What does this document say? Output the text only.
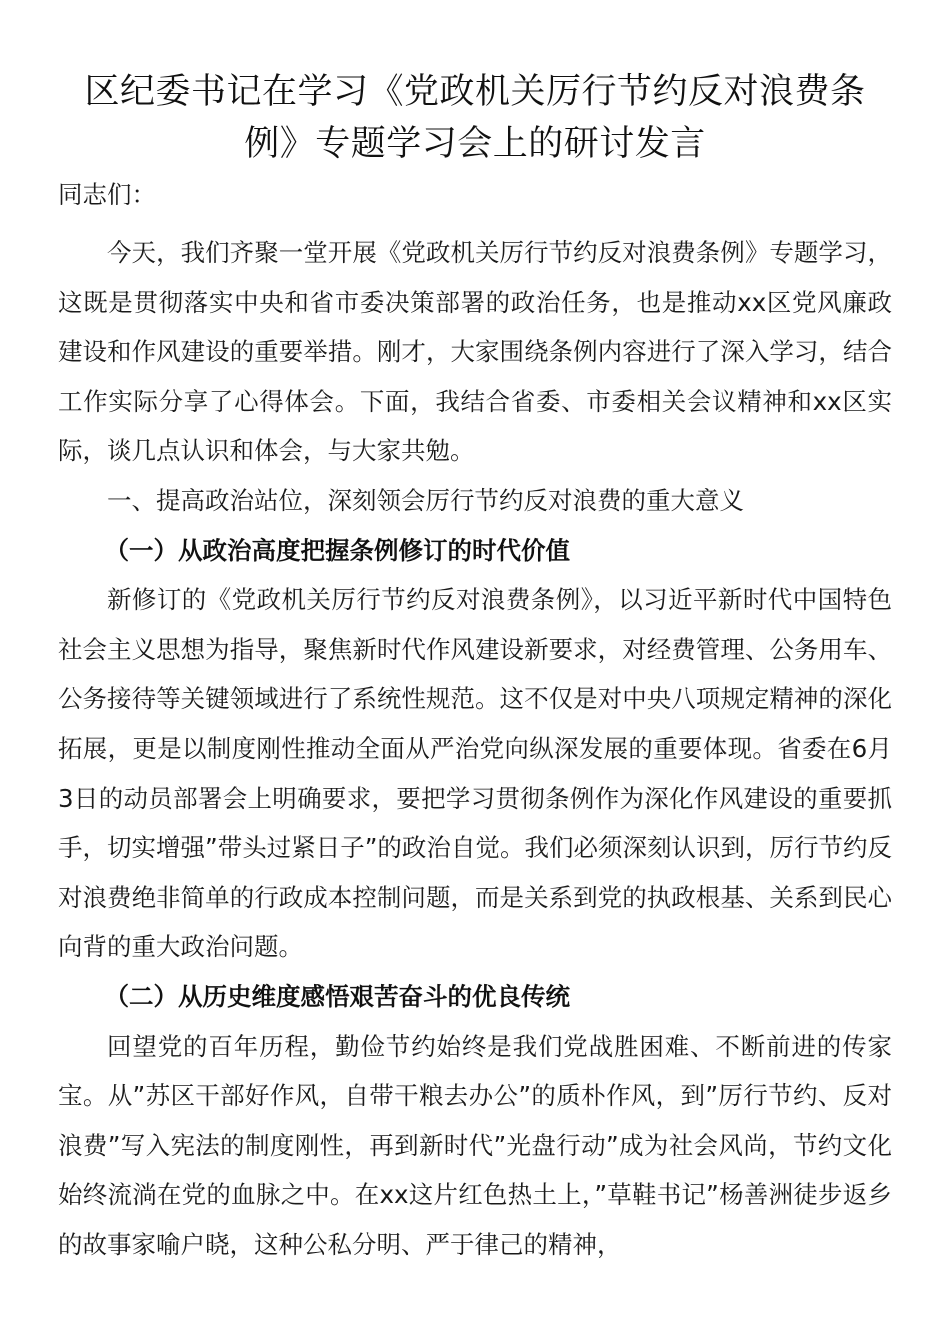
区纪委书记在学习《党政机关厉行节约反对浪费条例》专题学习会上的研讨发言

同志们：

今天，我们齐聚一堂开展《党政机关厉行节约反对浪费条例》专题学习，这既是贯彻落实中央和省市委决策部署的政治任务，也是推动xx区党风廉政建设和作风建设的重要举措。刚才，大家围绕条例内容进行了深入学习，结合工作实际分享了心得体会。下面，我结合省委、市委相关会议精神和xx区实际，谈几点认识和体会，与大家共勉。

一、提高政治站位，深刻领会厉行节约反对浪费的重大意义

（一）从政治高度把握条例修订的时代价值

新修订的《党政机关厉行节约反对浪费条例》，以习近平新时代中国特色社会主义思想为指导，聚焦新时代作风建设新要求，对经费管理、公务用车、公务接待等关键领域进行了系统性规范。这不仅是对中央八项规定精神的深化拓展，更是以制度刚性推动全面从严治党向纵深发展的重要体现。省委在6月3日的动员部署会上明确要求，要把学习贯彻条例作为深化作风建设的重要抓手，切实增强”带头过紧日子”的政治自觉。我们必须深刻认识到，厉行节约反对浪费绝非简单的行政成本控制问题，而是关系到党的执政根基、关系到民心向背的重大政治问题。

（二）从历史维度感悟艰苦奋斗的优良传统

回望党的百年历程，勤俭节约始终是我们党战胜困难、不断前进的传家宝。从”苏区干部好作风，自带干粮去办公”的质朴作风，到”厉行节约、反对浪费”写入宪法的制度刚性，再到新时代”光盘行动”成为社会风尚，节约文化始终流淌在党的血脉之中。在xx这片红色热土上，”草鞋书记”杨善洲徒步返乡的故事家喻户晓，这种公私分明、严于律己的精神，
